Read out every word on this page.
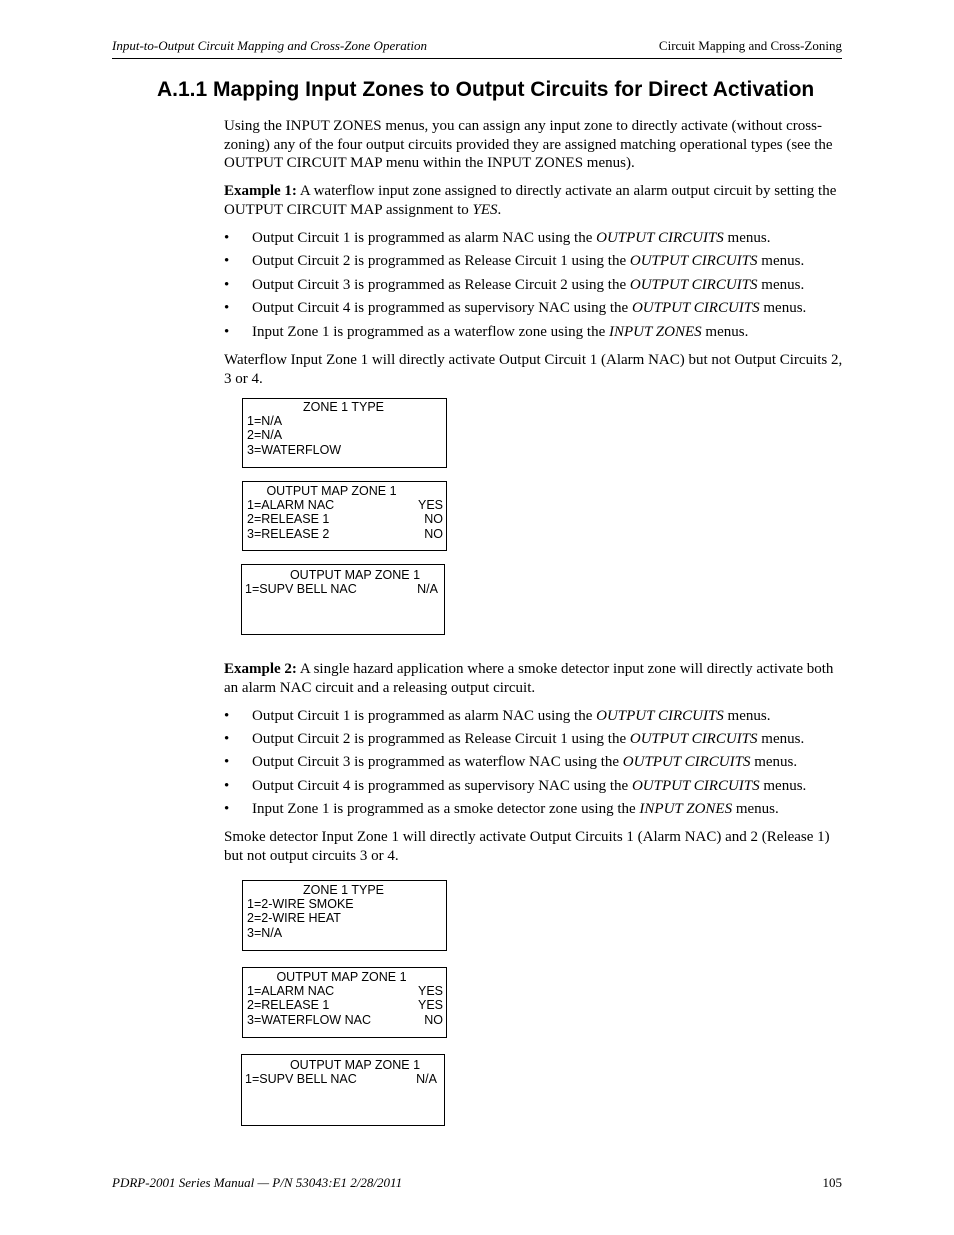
Input-to-Output Circuit Mapping and Cross-Zone Operation	Circuit Mapping and Cross-Zoning
A.1.1 Mapping Input Zones to Output Circuits for Direct Activation

Using the INPUT ZONES menus, you can assign any input zone to directly activate (without cross-zoning) any of the four output circuits provided they are assigned matching operational types (see the OUTPUT CIRCUIT MAP menu within the INPUT ZONES menus).

Example 1: A waterflow input zone assigned to directly activate an alarm output circuit by setting the OUTPUT CIRCUIT MAP assignment to YES.

• Output Circuit 1 is programmed as alarm NAC using the OUTPUT CIRCUITS menus.
• Output Circuit 2 is programmed as Release Circuit 1 using the OUTPUT CIRCUITS menus.
• Output Circuit 3 is programmed as Release Circuit 2 using the OUTPUT CIRCUITS menus.
• Output Circuit 4 is programmed as supervisory NAC using the OUTPUT CIRCUITS menus.
• Input Zone 1 is programmed as a waterflow zone using the INPUT ZONES menus.

Waterflow Input Zone 1 will directly activate Output Circuit 1 (Alarm NAC) but not Output Circuits 2, 3 or 4.

ZONE 1 TYPE
1=N/A
2=N/A
3=WATERFLOW
OUTPUT MAP ZONE 1
1=ALARM NAC	YES
2=RELEASE 1	NO
3=RELEASE 2	NO
OUTPUT MAP ZONE 1
1=SUPV BELL NAC	N/A

Example 2: A single hazard application where a smoke detector input zone will directly activate both an alarm NAC circuit and a releasing output circuit.

• Output Circuit 1 is programmed as alarm NAC using the OUTPUT CIRCUITS menus.
• Output Circuit 2 is programmed as Release Circuit 1 using the OUTPUT CIRCUITS menus.
• Output Circuit 3 is programmed as waterflow NAC using the OUTPUT CIRCUITS menus.
• Output Circuit 4 is programmed as supervisory NAC using the OUTPUT CIRCUITS menus.
• Input Zone 1 is programmed as a smoke detector zone using the INPUT ZONES menus.

Smoke detector Input Zone 1 will directly activate Output Circuits 1 (Alarm NAC) and 2 (Release 1) but not output circuits 3 or 4.

ZONE 1 TYPE
1=2-WIRE SMOKE
2=2-WIRE HEAT
3=N/A
OUTPUT MAP ZONE 1
1=ALARM NAC	YES
2=RELEASE 1	YES
3=WATERFLOW NAC	NO
OUTPUT MAP ZONE 1
1=SUPV BELL NAC	N/A
PDRP-2001 Series Manual — P/N 53043:E1 2/28/2011	105
